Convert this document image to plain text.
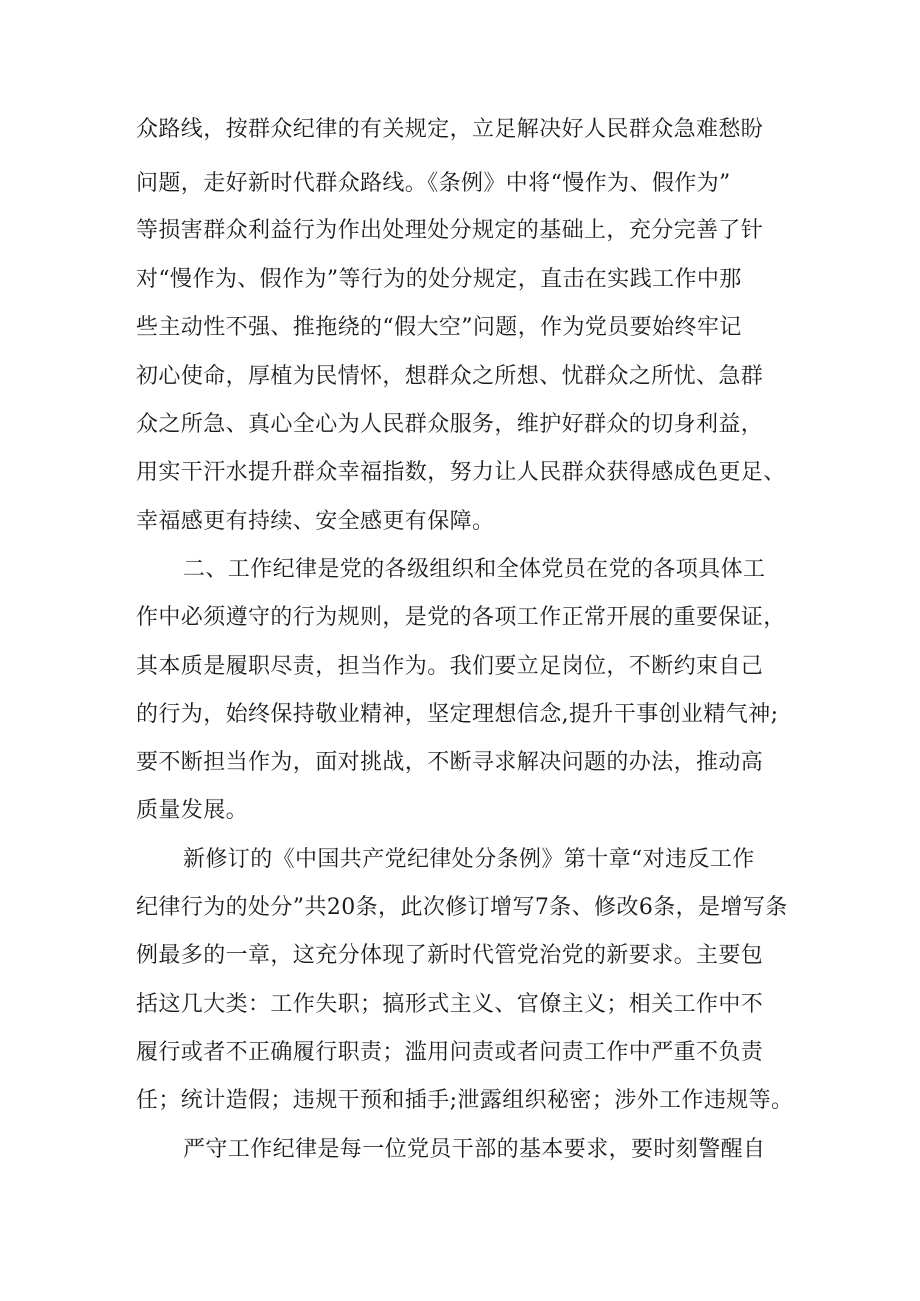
众路线，按群众纪律的有关规定，立足解决好人民群众急难愁盼
问题，走好新时代群众路线。《条例》中将“慢作为、假作为”
等损害群众利益行为作出处理处分规定的基础上，充分完善了针
对“慢作为、假作为”等行为的处分规定，直击在实践工作中那
些主动性不强、推拖绕的“假大空”问题，作为党员要始终牢记
初心使命，厚植为民情怀，想群众之所想、忧群众之所忧、急群
众之所急、真心全心为人民群众服务，维护好群众的切身利益，
用实干汗水提升群众幸福指数，努力让人民群众获得感成色更足、
幸福感更有持续、安全感更有保障。
二、工作纪律是党的各级组织和全体党员在党的各项具体工
作中必须遵守的行为规则，是党的各项工作正常开展的重要保证，
其本质是履职尽责，担当作为。我们要立足岗位，不断约束自己
的行为，始终保持敬业精神，坚定理想信念,提升干事创业精气神;
要不断担当作为，面对挑战，不断寻求解决问题的办法，推动高
质量发展。
新修订的《中国共产党纪律处分条例》第十章“对违反工作
纪律行为的处分”共20条，此次修订增写7条、修改6条，是增写条
例最多的一章，这充分体现了新时代管党治党的新要求。主要包
括这几大类：工作失职；搞形式主义、官僚主义；相关工作中不
履行或者不正确履行职责；滥用问责或者问责工作中严重不负责
任；统计造假；违规干预和插手;泄露组织秘密；涉外工作违规等。
严守工作纪律是每一位党员干部的基本要求，要时刻警醒自
